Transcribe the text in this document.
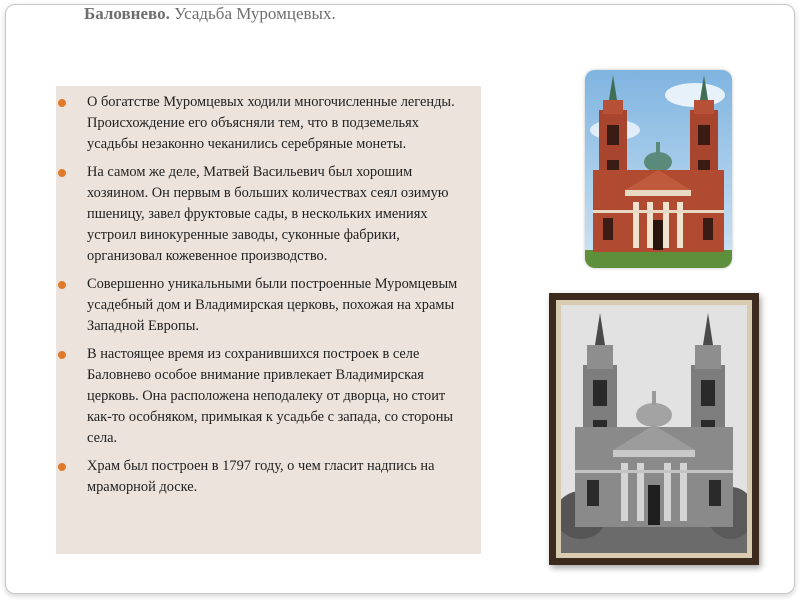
Баловнево. Усадьба Муромцевых.
О богатстве Муромцевых ходили многочисленные легенды. Происхождение его объясняли тем, что в подземельях усадьбы незаконно чеканились серебряные монеты.
На самом же деле, Матвей Васильевич был хорошим хозяином. Он первым в больших количествах сеял озимую пшеницу, завел фруктовые сады, в нескольких имениях устроил винокуренные заводы, суконные фабрики, организовал кожевенное производство.
Совершенно уникальными были построенные Муромцевым усадебный дом и Владимирская церковь, похожая на храмы Западной Европы.
В настоящее время из сохранившихся построек в селе Баловнево особое внимание привлекает Владимирская церковь. Она расположена неподалеку от дворца, но стоит как-то особняком, примыкая к усадьбе с запада, со стороны села.
Храм был построен в 1797 году, о чем гласит надпись на мраморной доске.
